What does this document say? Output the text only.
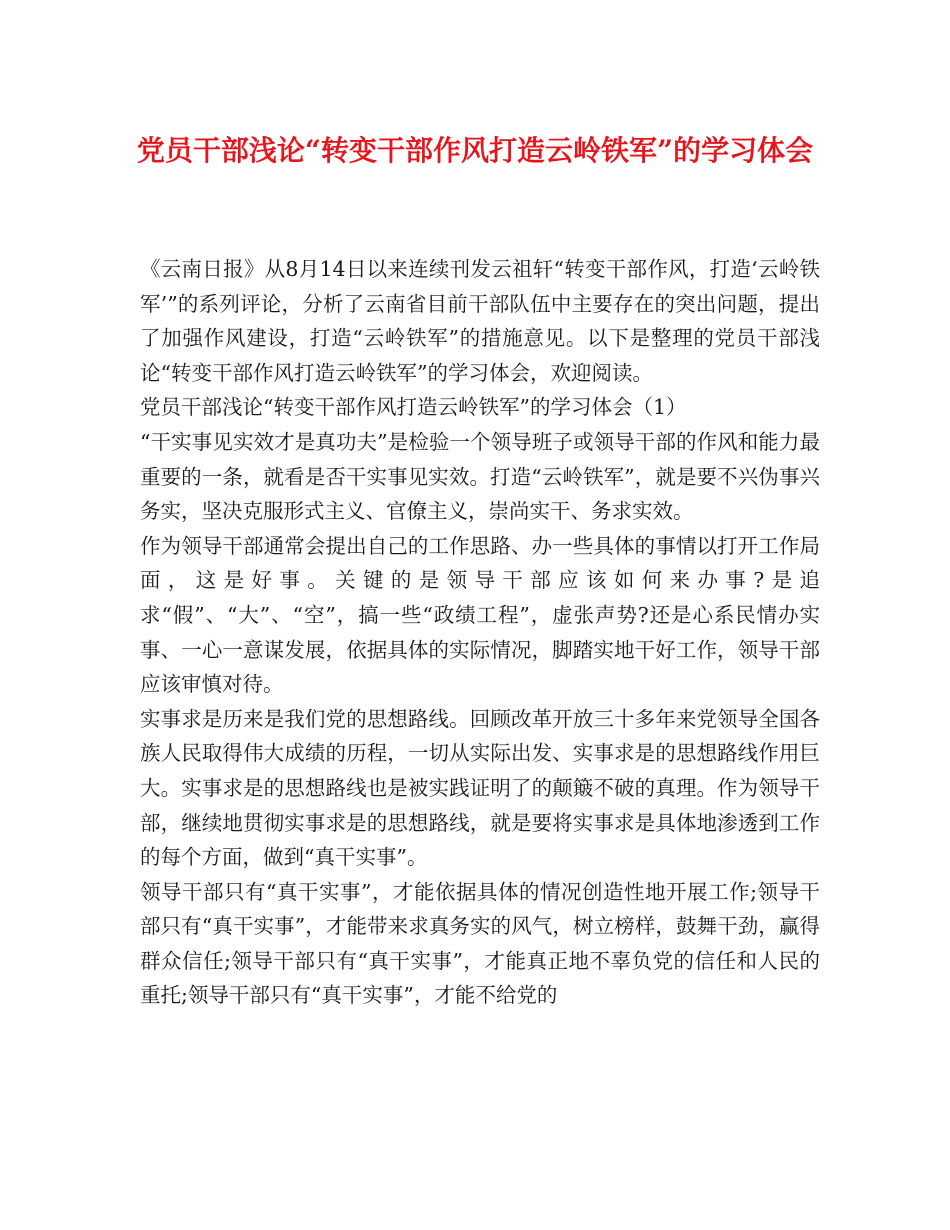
党员干部浅论“转变干部作风打造云岭铁军”的学习体会

《云南日报》从8月14日以来连续刊发云祖轩“转变干部作风，打造‘云岭铁军’”的系列评论，分析了云南省目前干部队伍中主要存在的突出问题，提出了加强作风建设，打造“云岭铁军”的措施意见。以下是整理的党员干部浅论“转变干部作风打造云岭铁军”的学习体会，欢迎阅读。

党员干部浅论“转变干部作风打造云岭铁军”的学习体会（1）

“干实事见实效才是真功夫”是检验一个领导班子或领导干部的作风和能力最重要的一条，就看是否干实事见实效。打造“云岭铁军”，就是要不兴伪事兴务实，坚决克服形式主义、官僚主义，崇尚实干、务求实效。

作为领导干部通常会提出自己的工作思路、办一些具体的事情以打开工作局面，这是好事。关键的是领导干部应该如何来办事?是追求“假”、“大”、“空”，搞一些“政绩工程”，虚张声势?还是心系民情办实事、一心一意谋发展，依据具体的实际情况，脚踏实地干好工作，领导干部应该审慎对待。

实事求是历来是我们党的思想路线。回顾改革开放三十多年来党领导全国各族人民取得伟大成绩的历程，一切从实际出发、实事求是的思想路线作用巨大。实事求是的思想路线也是被实践证明了的颠簸不破的真理。作为领导干部，继续地贯彻实事求是的思想路线，就是要将实事求是具体地渗透到工作的每个方面，做到“真干实事”。

领导干部只有“真干实事”，才能依据具体的情况创造性地开展工作;领导干部只有“真干实事”，才能带来求真务实的风气，树立榜样，鼓舞干劲，赢得群众信任;领导干部只有“真干实事”，才能真正地不辜负党的信任和人民的重托;领导干部只有“真干实事”，才能不给党的
